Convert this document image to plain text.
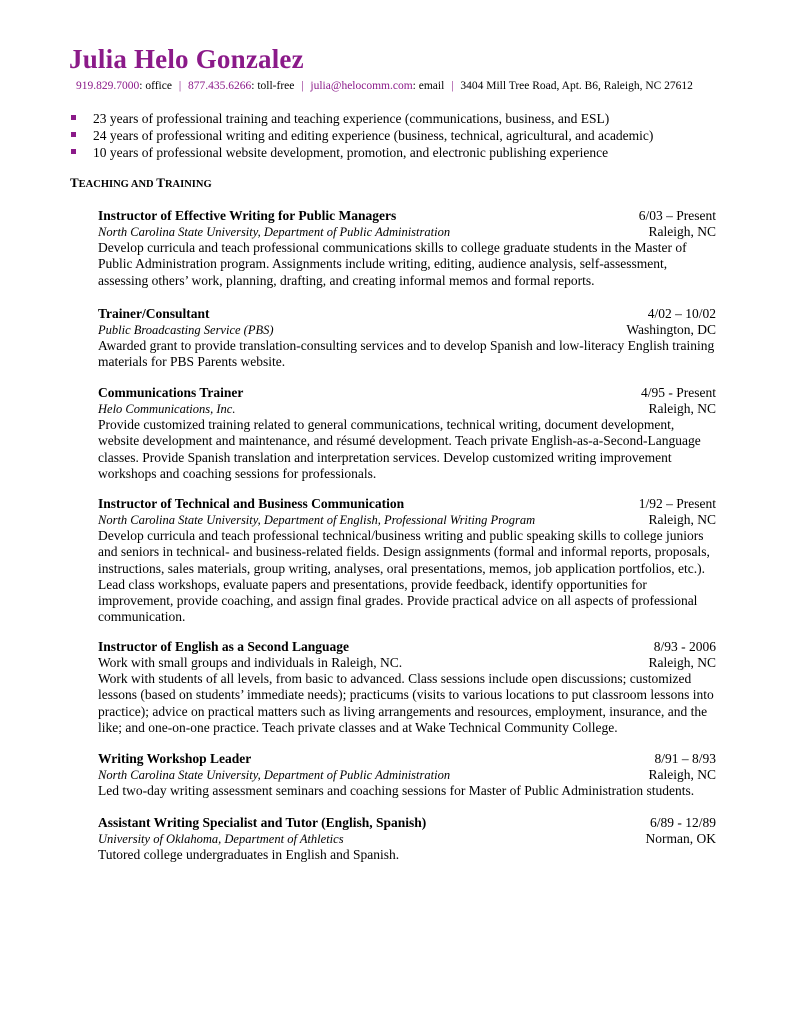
Julia Helo Gonzalez
919.829.7000: office | 877.435.6266: toll-free | julia@helocomm.com: email | 3404 Mill Tree Road, Apt. B6, Raleigh, NC 27612
23 years of professional training and teaching experience (communications, business, and ESL)
24 years of professional writing and editing experience (business, technical, agricultural, and academic)
10 years of professional website development, promotion, and electronic publishing experience
TEACHING AND TRAINING
Instructor of Effective Writing for Public Managers	6/03 – Present
North Carolina State University, Department of Public Administration	Raleigh, NC
Develop curricula and teach professional communications skills to college graduate students in the Master of Public Administration program. Assignments include writing, editing, audience analysis, self-assessment, assessing others’ work, planning, drafting, and creating informal memos and formal reports.
Trainer/Consultant	4/02 – 10/02
Public Broadcasting Service (PBS)	Washington, DC
Awarded grant to provide translation-consulting services and to develop Spanish and low-literacy English training materials for PBS Parents website.
Communications Trainer	4/95 - Present
Helo Communications, Inc.	Raleigh, NC
Provide customized training related to general communications, technical writing, document development, website development and maintenance, and résumé development. Teach private English-as-a-Second-Language classes. Provide Spanish translation and interpretation services. Develop customized writing improvement workshops and coaching sessions for professionals.
Instructor of Technical and Business Communication	1/92 – Present
North Carolina State University, Department of English, Professional Writing Program	Raleigh, NC
Develop curricula and teach professional technical/business writing and public speaking skills to college juniors and seniors in technical- and business-related fields. Design assignments (formal and informal reports, proposals, instructions, sales materials, group writing, analyses, oral presentations, memos, job application portfolios, etc.). Lead class workshops, evaluate papers and presentations, provide feedback, identify opportunities for improvement, provide coaching, and assign final grades. Provide practical advice on all aspects of professional communication.
Instructor of English as a Second Language	8/93 - 2006
Work with small groups and individuals in Raleigh, NC.	Raleigh, NC
Work with students of all levels, from basic to advanced. Class sessions include open discussions; customized lessons (based on students’ immediate needs); practicums (visits to various locations to put classroom lessons into practice); advice on practical matters such as living arrangements and resources, employment, insurance, and the like; and one-on-one practice. Teach private classes and at Wake Technical Community College.
Writing Workshop Leader	8/91 – 8/93
North Carolina State University, Department of Public Administration	Raleigh, NC
Led two-day writing assessment seminars and coaching sessions for Master of Public Administration students.
Assistant Writing Specialist and Tutor (English, Spanish)	6/89 - 12/89
University of Oklahoma, Department of Athletics	Norman, OK
Tutored college undergraduates in English and Spanish.
